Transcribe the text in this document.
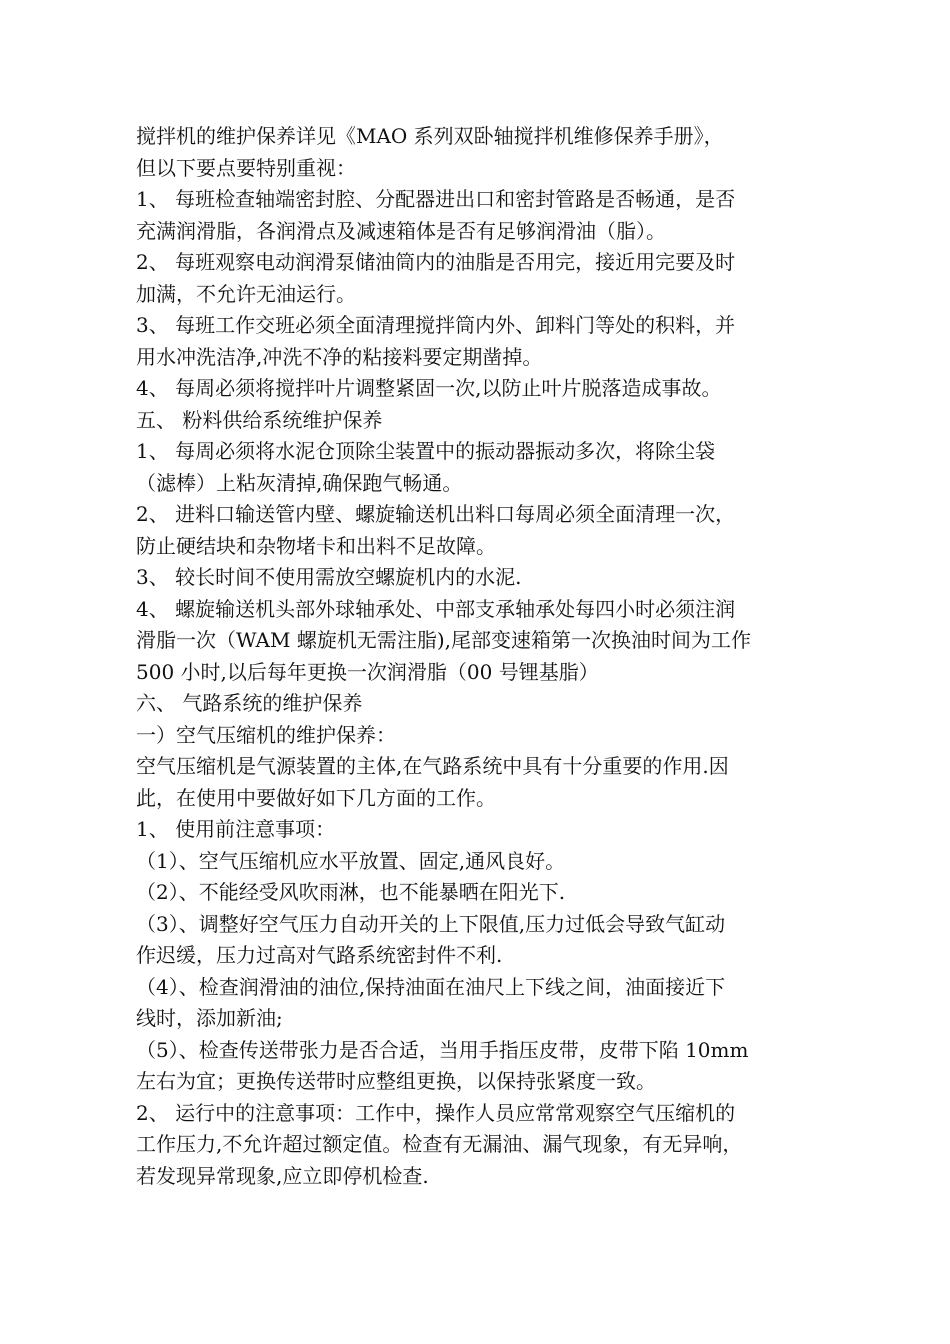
搅拌机的维护保养详见《MAO 系列双卧轴搅拌机维修保养手册》，
但以下要点要特别重视：
1、 每班检查轴端密封腔、分配器进出口和密封管路是否畅通，是否
充满润滑脂，各润滑点及减速箱体是否有足够润滑油（脂）。
2、 每班观察电动润滑泵储油筒内的油脂是否用完，接近用完要及时
加满，不允许无油运行。
3、 每班工作交班必须全面清理搅拌筒内外、卸料门等处的积料，并
用水冲洗洁净,冲洗不净的粘接料要定期凿掉。
4、 每周必须将搅拌叶片调整紧固一次,以防止叶片脱落造成事故。
五、 粉料供给系统维护保养
1、 每周必须将水泥仓顶除尘装置中的振动器振动多次，将除尘袋
（滤棒）上粘灰清掉,确保跑气畅通。
2、 进料口输送管内壁、螺旋输送机出料口每周必须全面清理一次，
防止硬结块和杂物堵卡和出料不足故障。
3、 较长时间不使用需放空螺旋机内的水泥.
4、 螺旋输送机头部外球轴承处、中部支承轴承处每四小时必须注润
滑脂一次（WAM 螺旋机无需注脂),尾部变速箱第一次换油时间为工作
500 小时,以后每年更换一次润滑脂（00 号锂基脂）
六、 气路系统的维护保养
一）空气压缩机的维护保养：
空气压缩机是气源装置的主体,在气路系统中具有十分重要的作用.因
此，在使用中要做好如下几方面的工作。
1、 使用前注意事项：
（1）、空气压缩机应水平放置、固定,通风良好。
（2）、不能经受风吹雨淋，也不能暴晒在阳光下.
（3）、调整好空气压力自动开关的上下限值,压力过低会导致气缸动
作迟缓，压力过高对气路系统密封件不利.
（4）、检查润滑油的油位,保持油面在油尺上下线之间，油面接近下
线时，添加新油;
（5）、检查传送带张力是否合适，当用手指压皮带，皮带下陷 10mm
左右为宜；更换传送带时应整组更换，以保持张紧度一致。
2、 运行中的注意事项：工作中，操作人员应常常观察空气压缩机的
工作压力,不允许超过额定值。检查有无漏油、漏气现象，有无异响，
若发现异常现象,应立即停机检查.
